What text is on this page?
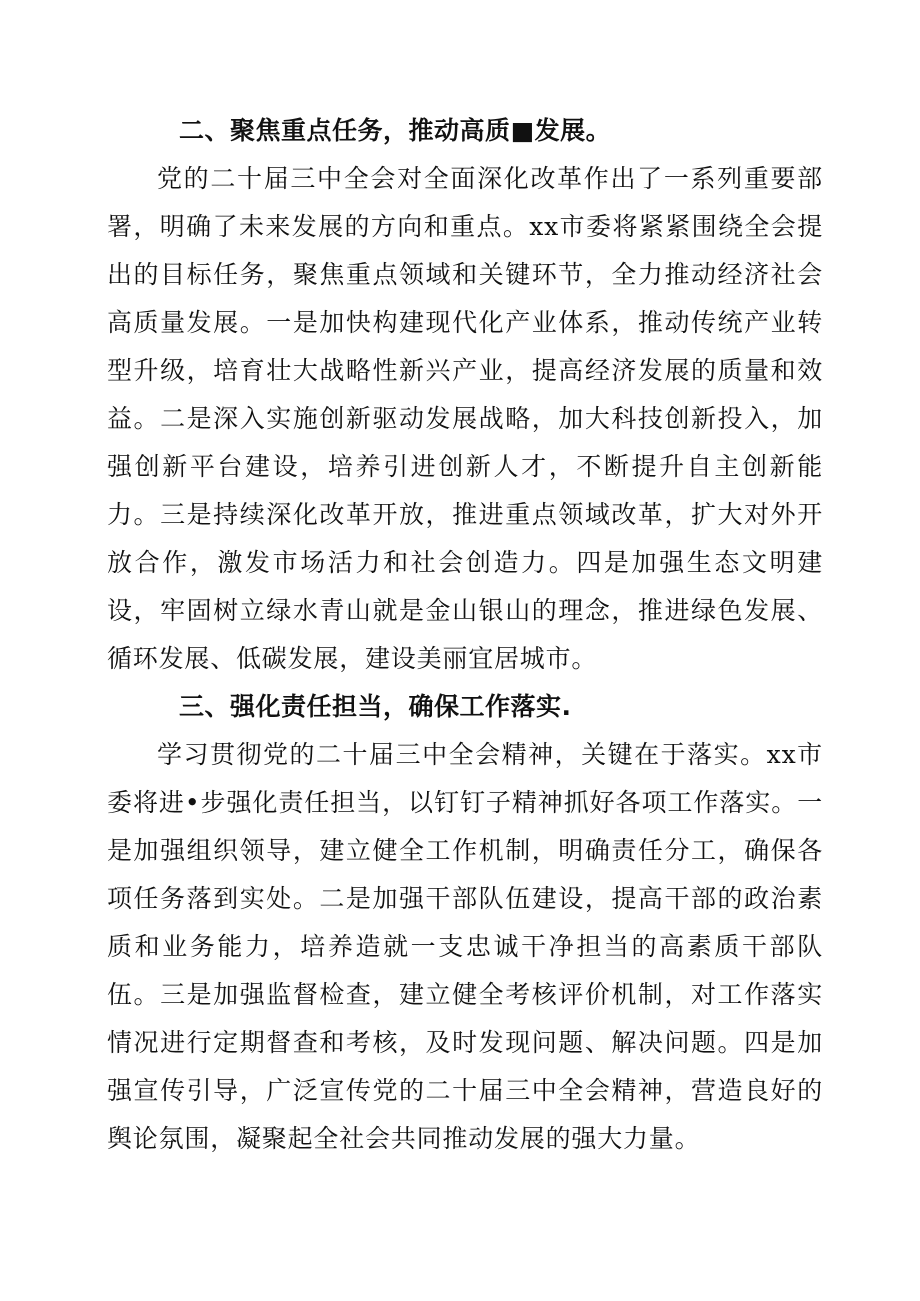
二、聚焦重点任务，推动高质■发展。

党的二十届三中全会对全面深化改革作出了一系列重要部署，明确了未来发展的方向和重点。xx市委将紧紧围绕全会提出的目标任务，聚焦重点领域和关键环节，全力推动经济社会高质量发展。一是加快构建现代化产业体系，推动传统产业转型升级，培育壮大战略性新兴产业，提高经济发展的质量和效益。二是深入实施创新驱动发展战略，加大科技创新投入，加强创新平台建设，培养引进创新人才，不断提升自主创新能力。三是持续深化改革开放，推进重点领域改革，扩大对外开放合作，激发市场活力和社会创造力。四是加强生态文明建设，牢固树立绿水青山就是金山银山的理念，推进绿色发展、循环发展、低碳发展，建设美丽宜居城市。

三、强化责任担当，确保工作落实.

学习贯彻党的二十届三中全会精神，关键在于落实。xx市委将进•步强化责任担当，以钉钉子精神抓好各项工作落实。一是加强组织领导，建立健全工作机制，明确责任分工，确保各项任务落到实处。二是加强干部队伍建设，提高干部的政治素质和业务能力，培养造就一支忠诚干净担当的高素质干部队伍。三是加强监督检查，建立健全考核评价机制，对工作落实情况进行定期督查和考核，及时发现问题、解决问题。四是加强宣传引导，广泛宣传党的二十届三中全会精神，营造良好的舆论氛围，凝聚起全社会共同推动发展的强大力量。
